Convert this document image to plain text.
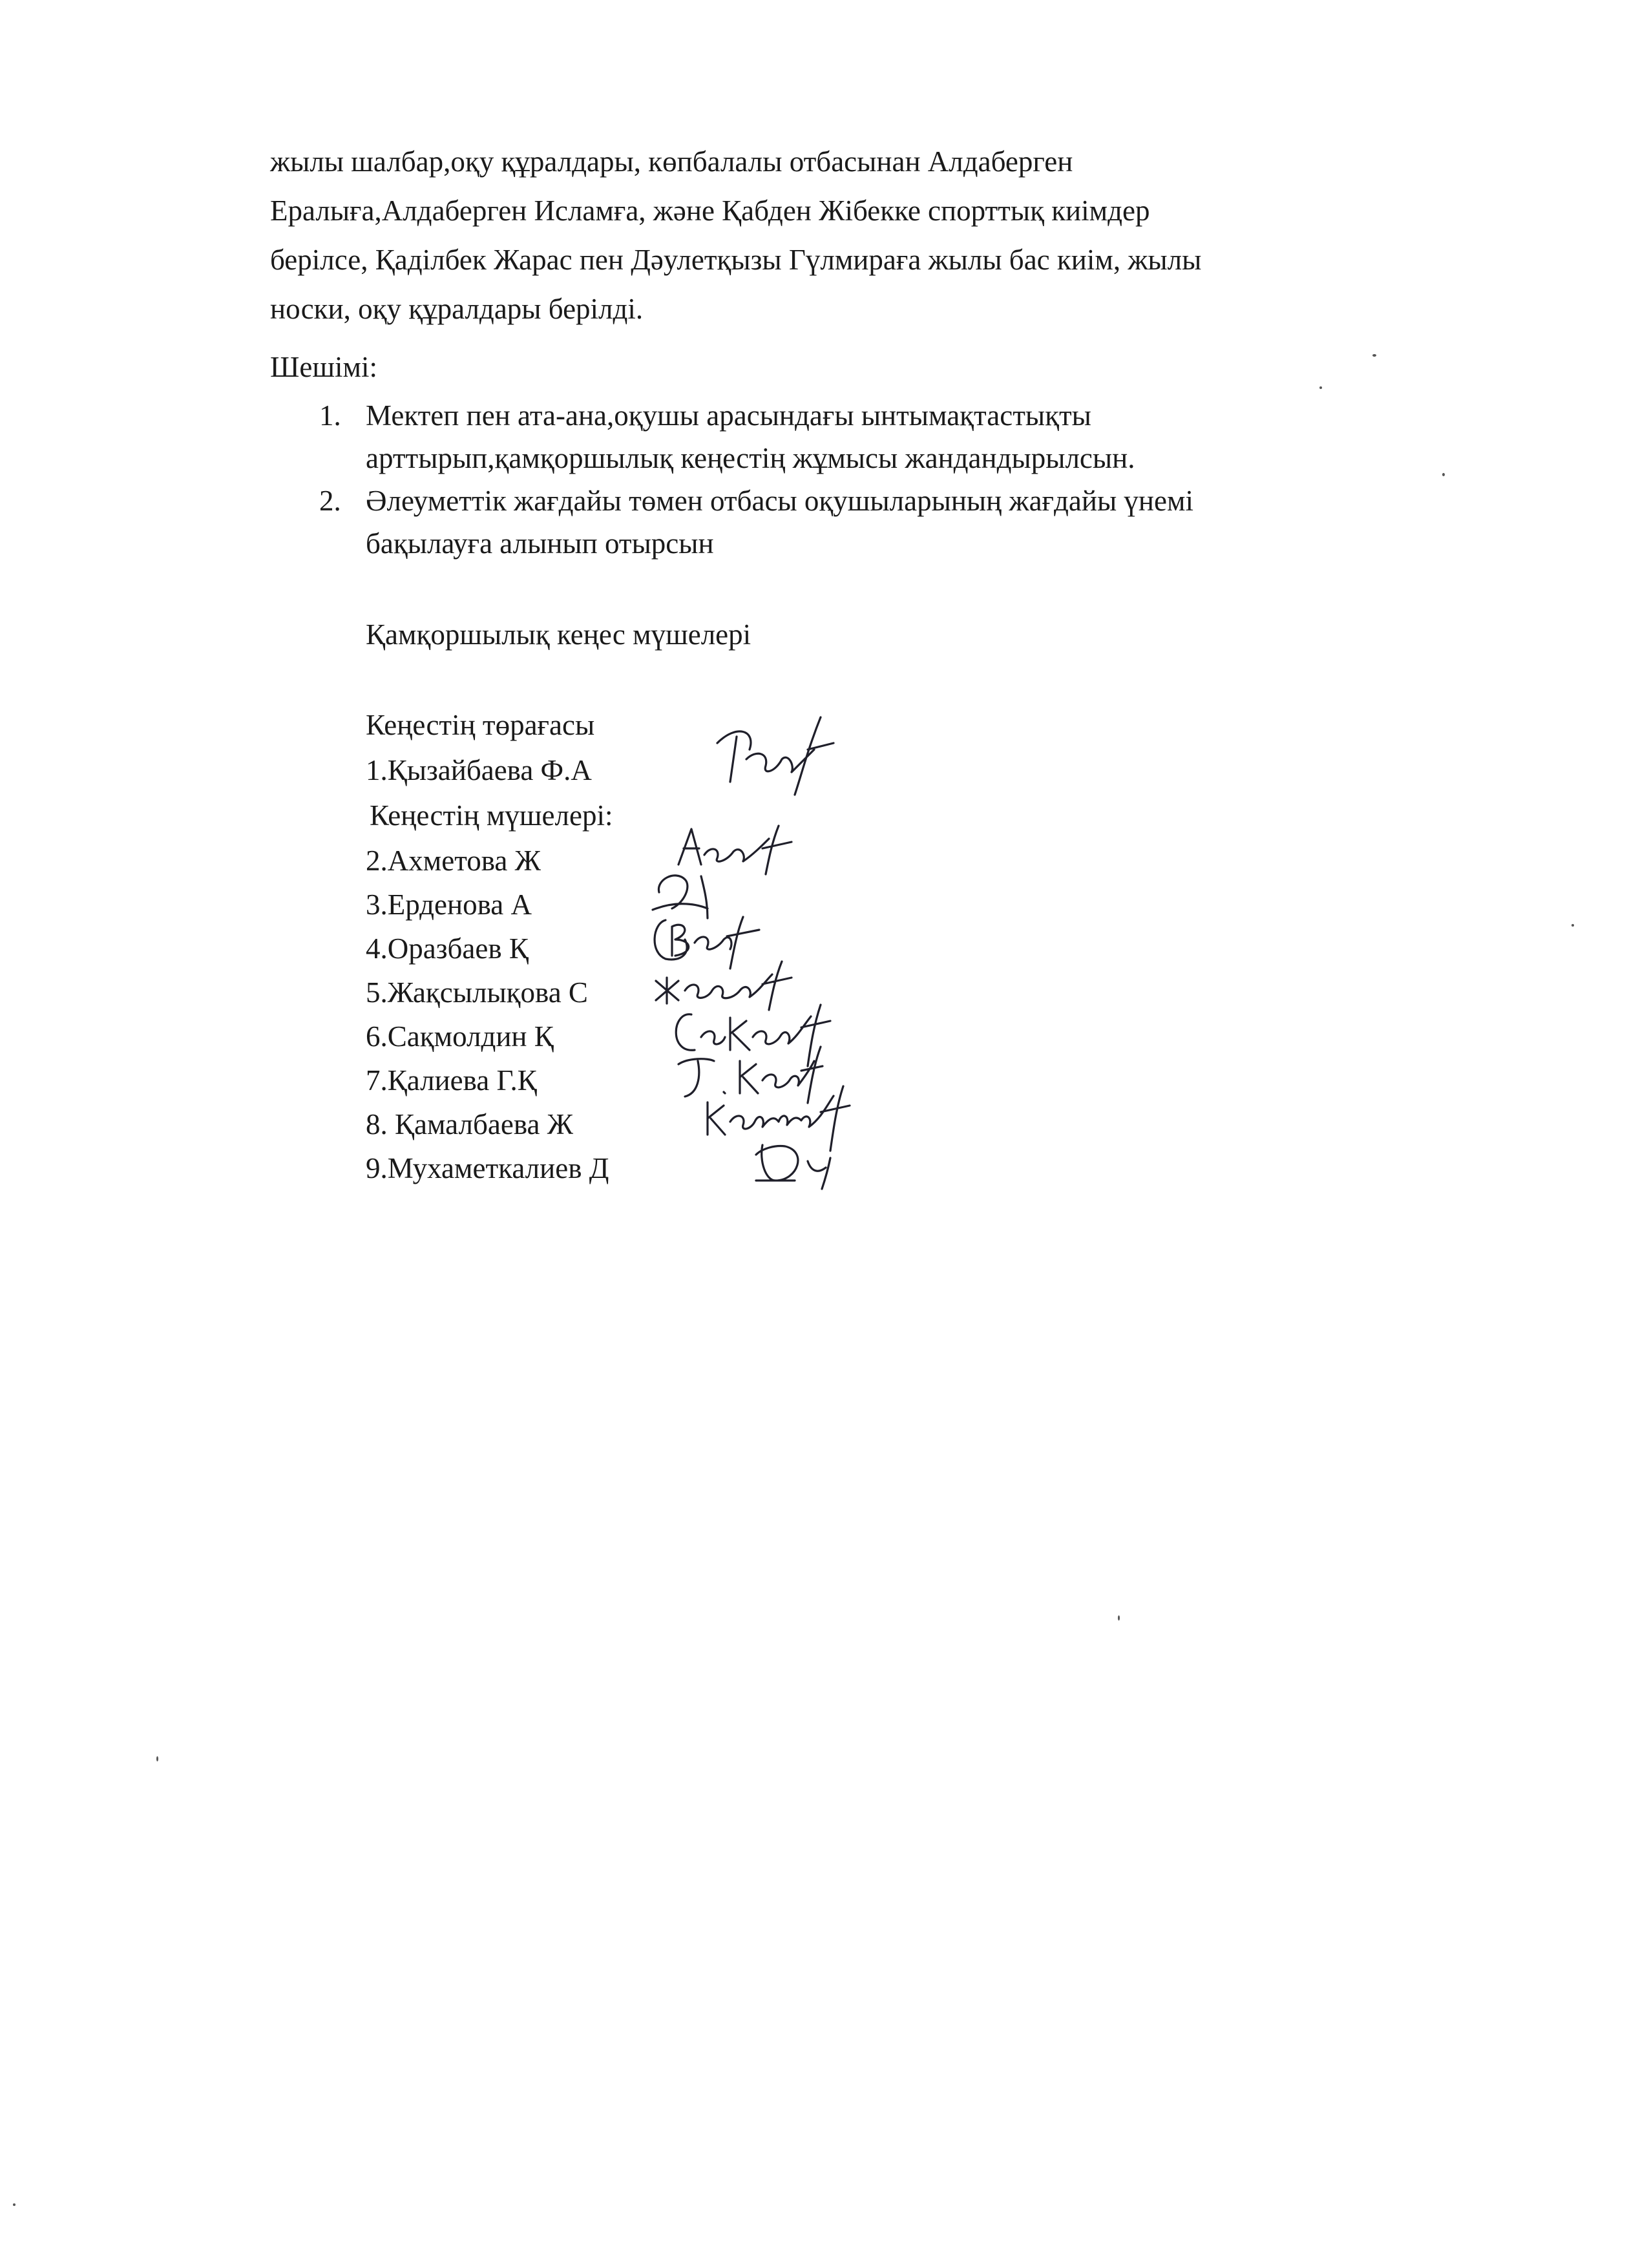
жылы шалбар,оқу құралдары, көпбалалы отбасынан Алдаберген
Ералыға,Алдаберген Исламға, және Қабден Жібекке спорттық киімдер
берілсе, Қаділбек Жарас пен Дәулетқызы Гүлмираға жылы бас киім, жылы
носки, оқу құралдары берілді.
Шешімі:
1. Мектеп пен ата-ана,оқушы арасындағы ынтымақтастықты
арттырып,қамқоршылық кеңестің жұмысы жандандырылсын.
2. Әлеуметтік жағдайы төмен отбасы оқушыларының жағдайы үнемі
бақылауға алынып отырсын
Қамқоршылық кеңес мүшелері
Кеңестің төрағасы
1.Қызайбаева Ф.А
Кеңестің мүшелері:
2.Ахметова Ж
3.Ерденова А
4.Оразбаев Қ
5.Жақсылықова С
6.Сақмолдин Қ
7.Қалиева Г.Қ
8. Қамалбаева Ж
9.Мухаметкалиев Д
